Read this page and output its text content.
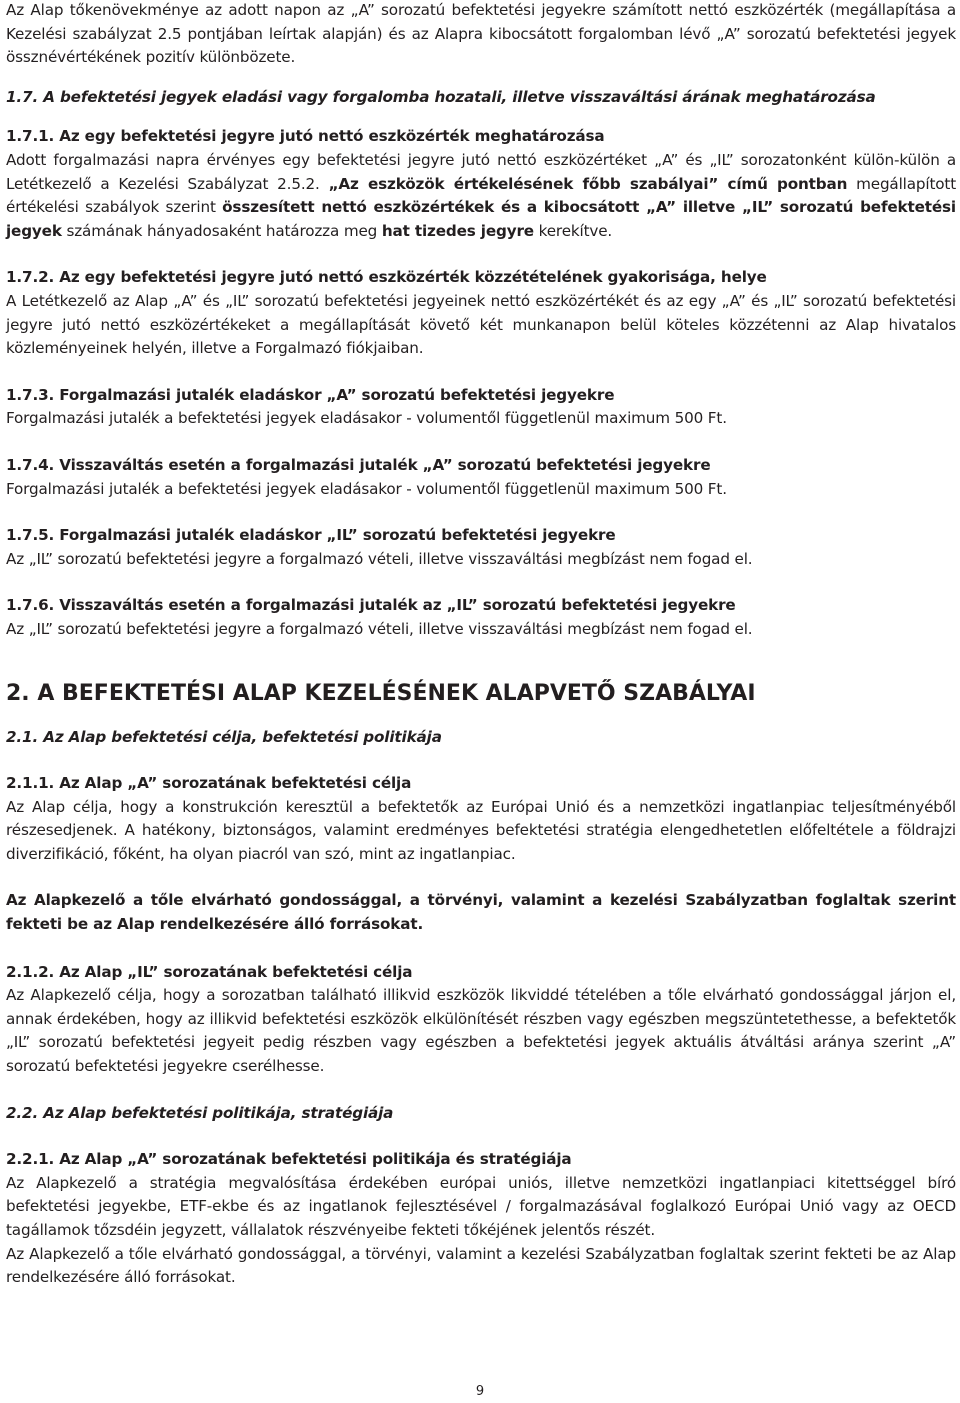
Az Alap tőkenövekménye az adott napon az „A” sorozatú befektetési jegyekre számított nettó eszközérték (megállapítása a Kezelési szabályzat 2.5 pontjában leírtak alapján) és az Alapra kibocsátott forgalomban lévő „A” sorozatú befektetési jegyek össznévértékének pozitív különbözete.

1.7. A befektetési jegyek eladási vagy forgalomba hozatali, illetve visszaváltási árának meghatározása

1.7.1. Az egy befektetési jegyre jutó nettó eszközérték meghatározása

Adott forgalmazási napra érvényes egy befektetési jegyre jutó nettó eszközértéket „A” és „IL” sorozatonként külön-külön a Letétkezelő a Kezelési Szabályzat 2.5.2. „Az eszközök értékelésének főbb szabályai” című pontban megállapított értékelési szabályok szerint összesített nettó eszközértékek és a kibocsátott „A” illetve „IL” sorozatú befektetési jegyek számának hányadosaként határozza meg hat tizedes jegyre kerekítve.

1.7.2. Az egy befektetési jegyre jutó nettó eszközérték közzétételének gyakorisága, helye

A Letétkezelő az Alap „A” és „IL” sorozatú befektetési jegyeinek nettó eszközértékét és az egy „A” és „IL” sorozatú befektetési jegyre jutó nettó eszközértékeket a megállapítását követő két munkanapon belül köteles közzétenni az Alap hivatalos közleményeinek helyén, illetve a Forgalmazó fiókjaiban.

1.7.3. Forgalmazási jutalék eladáskor „A” sorozatú befektetési jegyekre

Forgalmazási jutalék a befektetési jegyek eladásakor - volumentől függetlenül maximum 500 Ft.

1.7.4. Visszaváltás esetén a forgalmazási jutalék „A” sorozatú befektetési jegyekre

Forgalmazási jutalék a befektetési jegyek eladásakor - volumentől függetlenül maximum 500 Ft.

1.7.5. Forgalmazási jutalék eladáskor „IL” sorozatú befektetési jegyekre

Az „IL” sorozatú befektetési jegyre a forgalmazó vételi, illetve visszaváltási megbízást nem fogad el.

1.7.6. Visszaváltás esetén a forgalmazási jutalék az „IL” sorozatú befektetési jegyekre

Az „IL” sorozatú befektetési jegyre a forgalmazó vételi, illetve visszaváltási megbízást nem fogad el.

2. A BEFEKTETÉSI ALAP KEZELÉSÉNEK ALAPVETŐ SZABÁLYAI

2.1. Az Alap befektetési célja, befektetési politikája

2.1.1. Az Alap „A” sorozatának befektetési célja

Az Alap célja, hogy a konstrukción keresztül a befektetők az Európai Unió és a nemzetközi ingatlanpiac teljesítményéből részesedjenek. A hatékony, biztonságos, valamint eredményes befektetési stratégia elengedhetetlen előfeltétele a földrajzi diverzifikáció, főként, ha olyan piacról van szó, mint az ingatlanpiac.

Az Alapkezelő a tőle elvárható gondossággal, a törvényi, valamint a kezelési Szabályzatban foglaltak szerint fekteti be az Alap rendelkezésére álló forrásokat.

2.1.2. Az Alap „IL” sorozatának befektetési célja

Az Alapkezelő célja, hogy a sorozatban található illikvid eszközök likviddé tételében a tőle elvárható gondossággal járjon el, annak érdekében, hogy az illikvid befektetési eszközök elkülönítését részben vagy egészben megszüntetethesse, a befektetők „IL” sorozatú befektetési jegyeit pedig részben vagy egészben a befektetési jegyek aktuális átváltási aránya szerint „A” sorozatú befektetési jegyekre cserélhesse.

2.2. Az Alap befektetési politikája, stratégiája

2.2.1. Az Alap „A” sorozatának befektetési politikája és stratégiája

Az Alapkezelő a stratégia megvalósítása érdekében európai uniós, illetve nemzetközi ingatlanpiaci kitettséggel bíró befektetési jegyekbe, ETF-ekbe és az ingatlanok fejlesztésével / forgalmazásával foglalkozó Európai Unió vagy az OECD tagállamok tőzsdéin jegyzett, vállalatok részvényeibe fekteti tőkéjének jelentős részét.

Az Alapkezelő a tőle elvárható gondossággal, a törvényi, valamint a kezelési Szabályzatban foglaltak szerint fekteti be az Alap rendelkezésére álló forrásokat.

9
